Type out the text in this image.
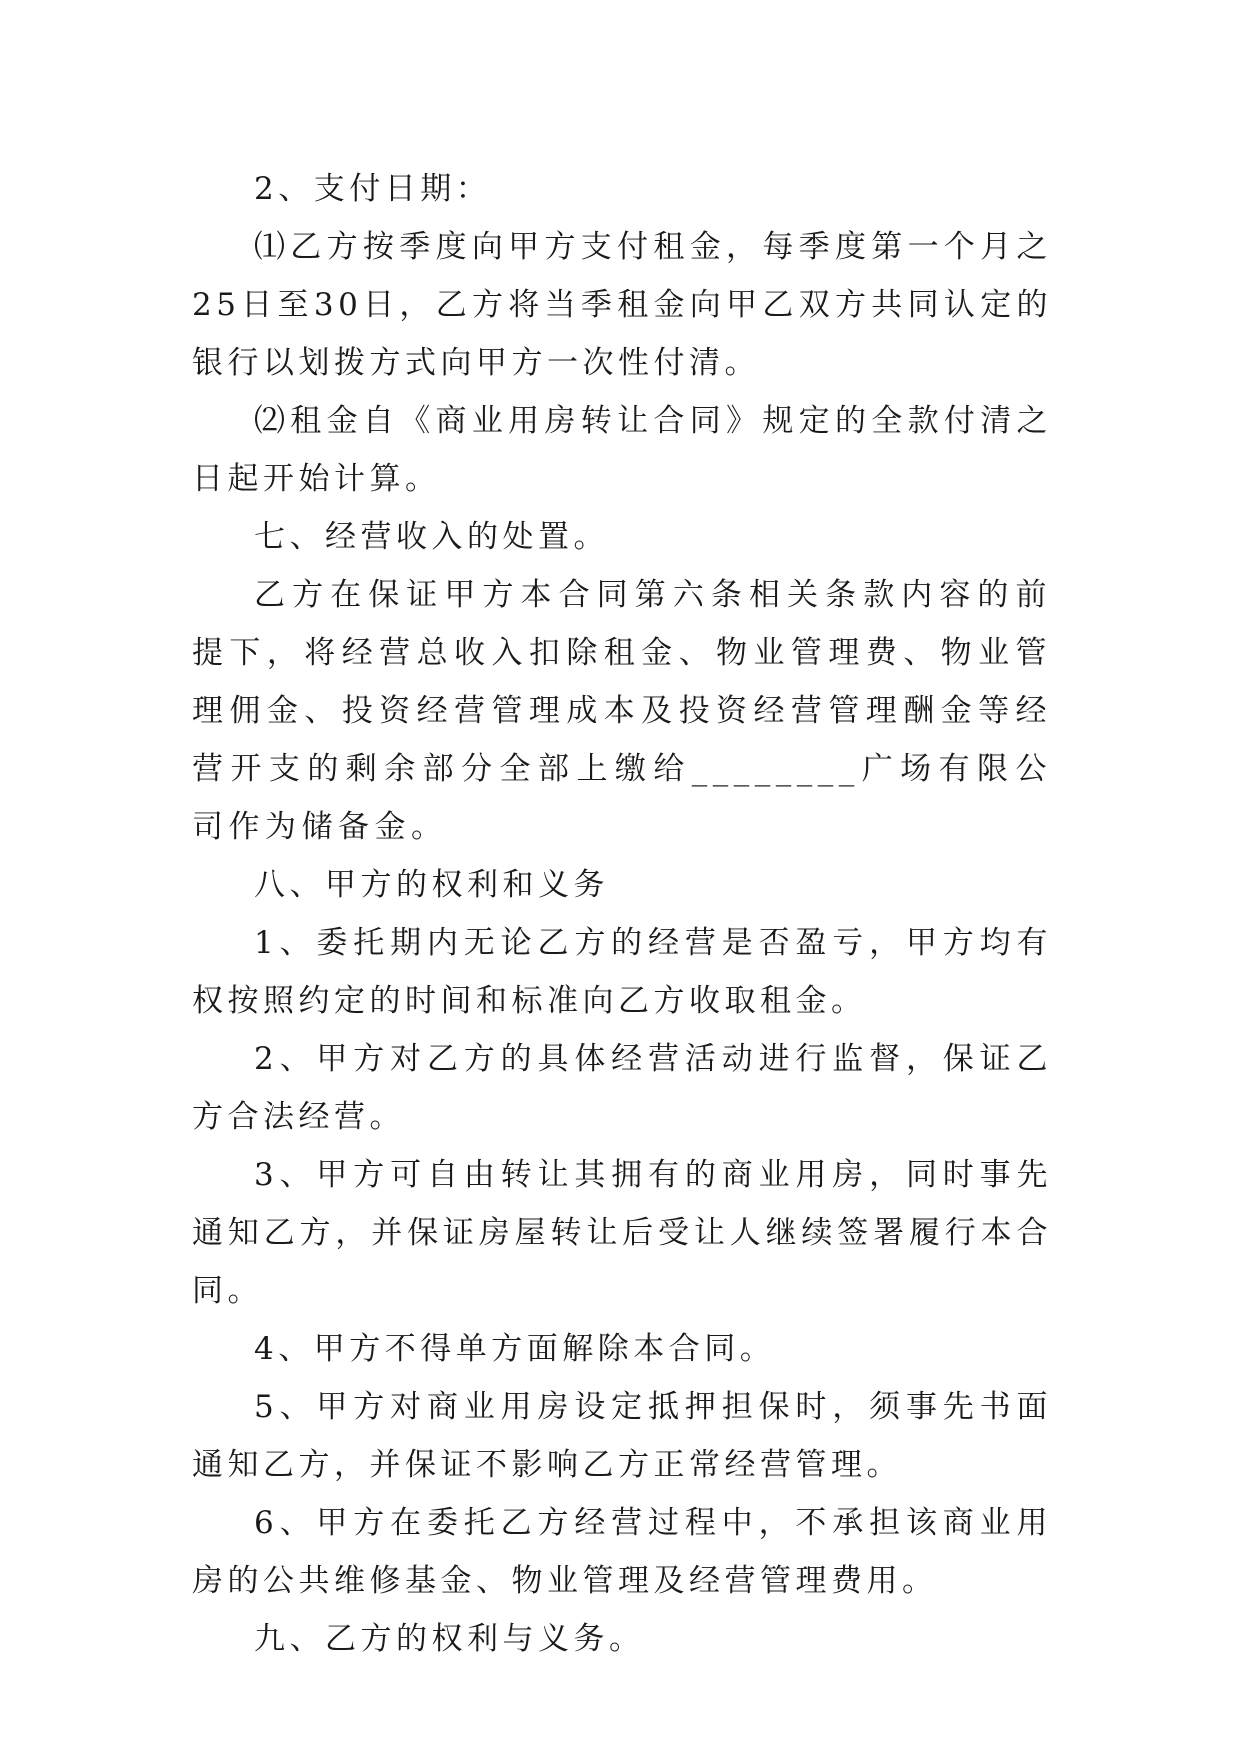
2、支付日期：

⑴乙方按季度向甲方支付租金，每季度第一个月之25日至30日，乙方将当季租金向甲乙双方共同认定的银行以划拨方式向甲方一次性付清。

⑵租金自《商业用房转让合同》规定的全款付清之日起开始计算。

七、经营收入的处置。

乙方在保证甲方本合同第六条相关条款内容的前提下，将经营总收入扣除租金、物业管理费、物业管理佣金、投资经营管理成本及投资经营管理酬金等经营开支的剩余部分全部上缴给________广场有限公司作为储备金。

八、甲方的权利和义务

1、委托期内无论乙方的经营是否盈亏，甲方均有权按照约定的时间和标准向乙方收取租金。

2、甲方对乙方的具体经营活动进行监督，保证乙方合法经营。

3、甲方可自由转让其拥有的商业用房，同时事先通知乙方，并保证房屋转让后受让人继续签署履行本合同。

4、甲方不得单方面解除本合同。

5、甲方对商业用房设定抵押担保时，须事先书面通知乙方，并保证不影响乙方正常经营管理。

6、甲方在委托乙方经营过程中，不承担该商业用房的公共维修基金、物业管理及经营管理费用。

九、乙方的权利与义务。
